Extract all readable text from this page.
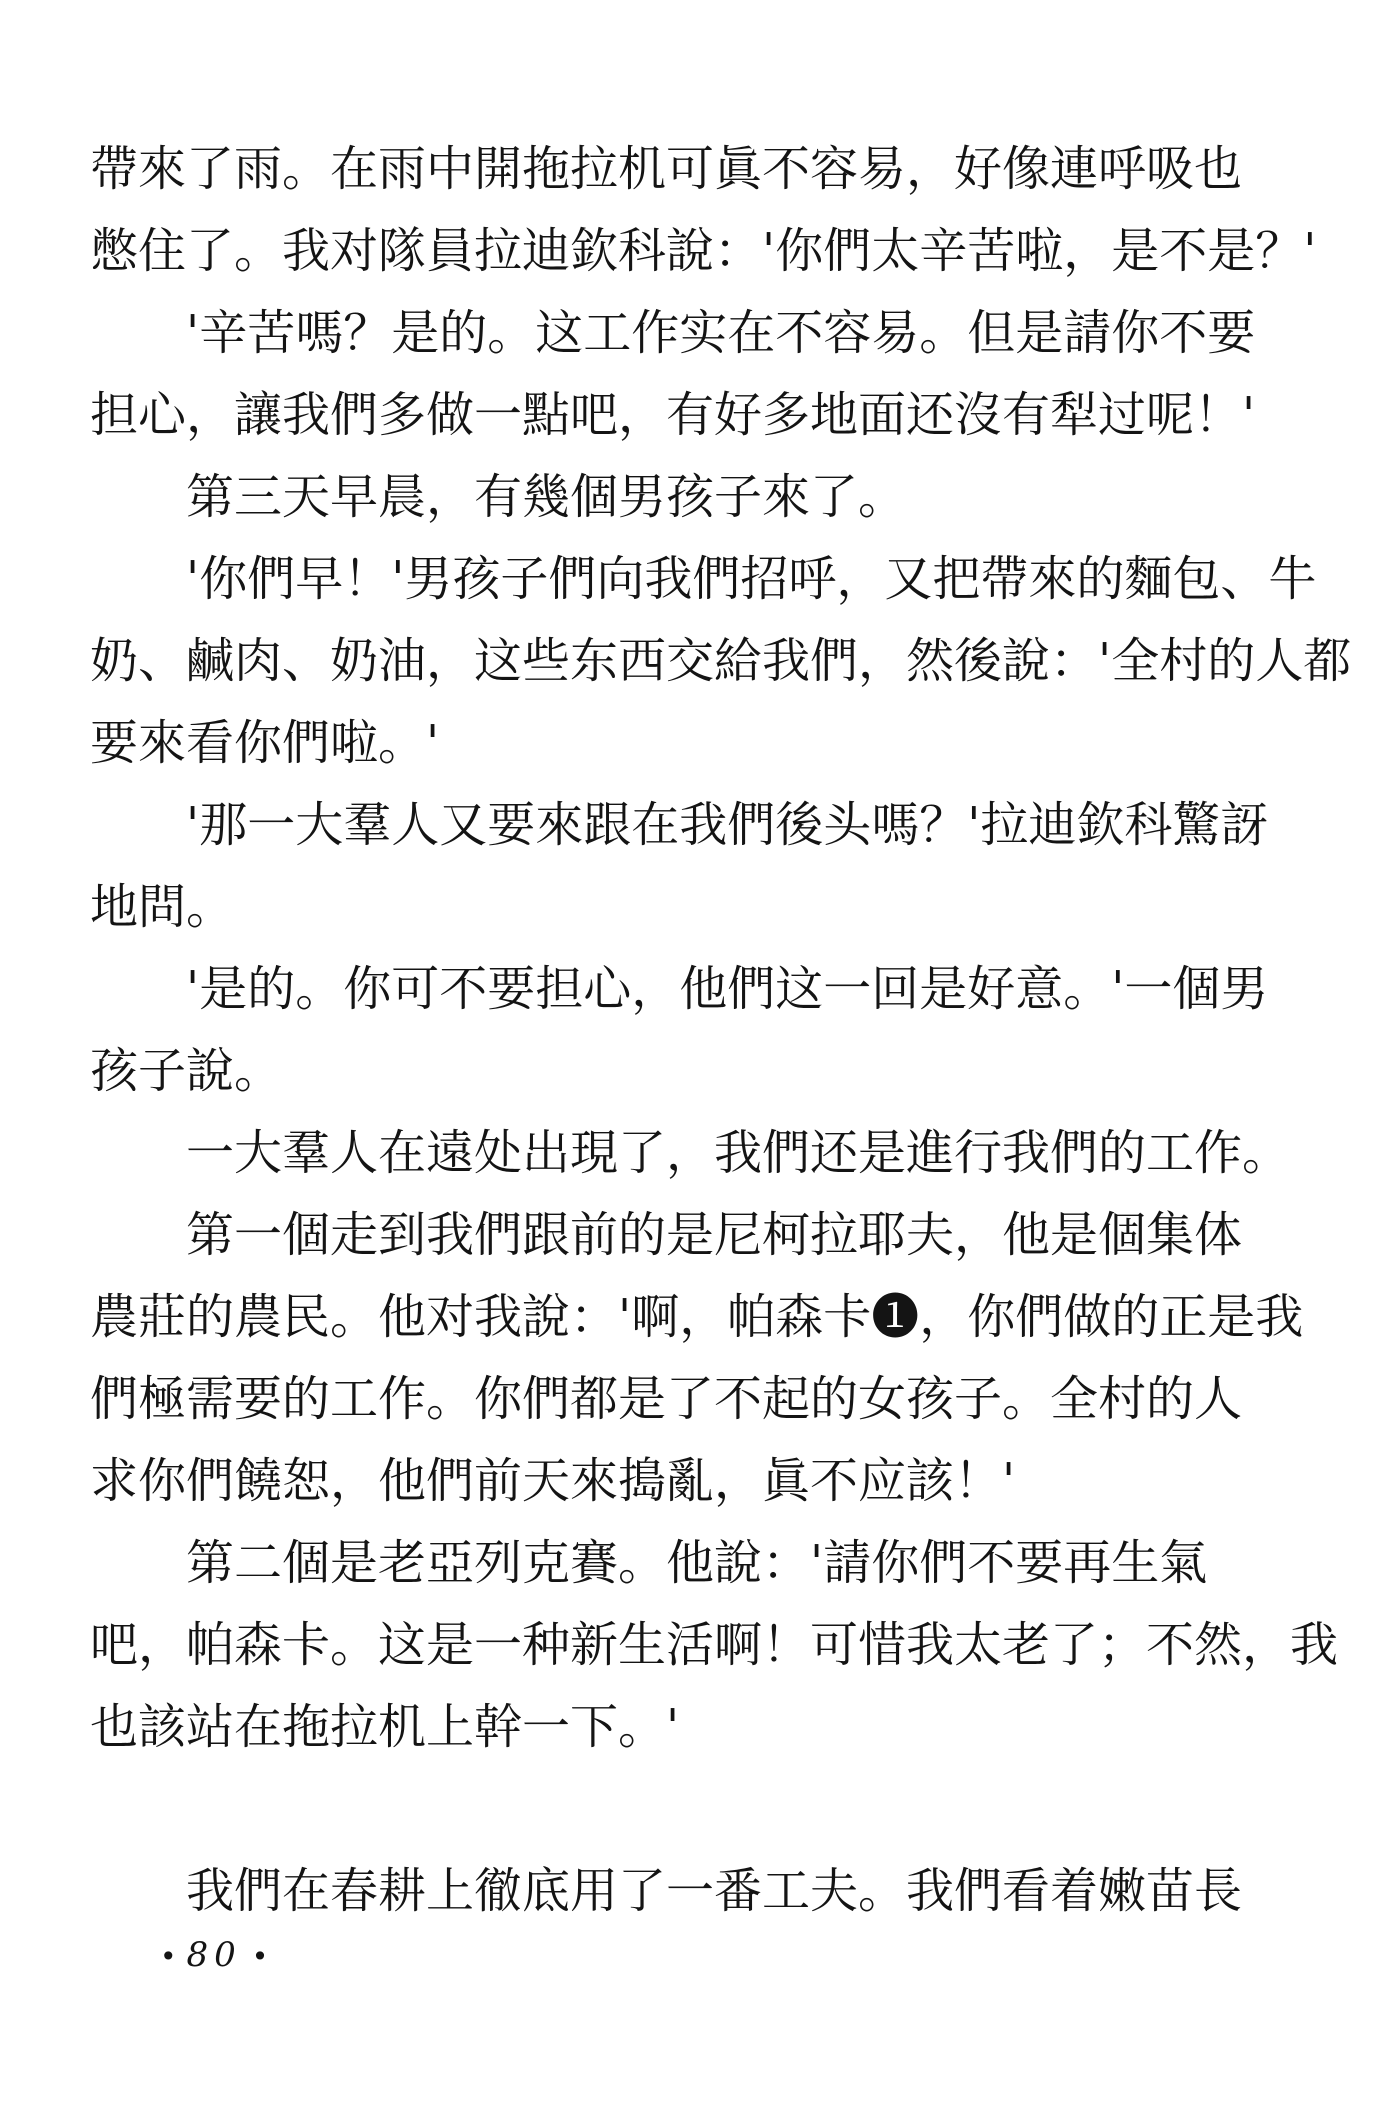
帶來了雨。在雨中開拖拉机可眞不容易，好像連呼吸也
憋住了。我对隊員拉迪欽科說：'你們太辛苦啦，是不是？'
'辛苦嗎？是的。这工作实在不容易。但是請你不要
担心，讓我們多做一點吧，有好多地面还沒有犁过呢！'
第三天早晨，有幾個男孩子來了。
'你們早！'男孩子們向我們招呼，又把帶來的麵包、牛
奶、鹹肉、奶油，这些东西交給我們，然後說：'全村的人都
要來看你們啦。'
'那一大羣人又要來跟在我們後头嗎？'拉迪欽科驚訝
地問。
'是的。你可不要担心，他們这一回是好意。'一個男
孩子說。
一大羣人在遠处出現了，我們还是進行我們的工作。
第一個走到我們跟前的是尼柯拉耶夫，他是個集体
農莊的農民。他对我說：'啊，帕森卡❶，你們做的正是我
們極需要的工作。你們都是了不起的女孩子。全村的人
求你們饒恕，他們前天來搗亂，眞不应該！'
第二個是老亞列克賽。他說：'請你們不要再生氣
吧，帕森卡。这是一种新生活啊！可惜我太老了；不然，我
也該站在拖拉机上幹一下。'
我們在春耕上徹底用了一番工夫。我們看着嫩苗長
• 80 •
